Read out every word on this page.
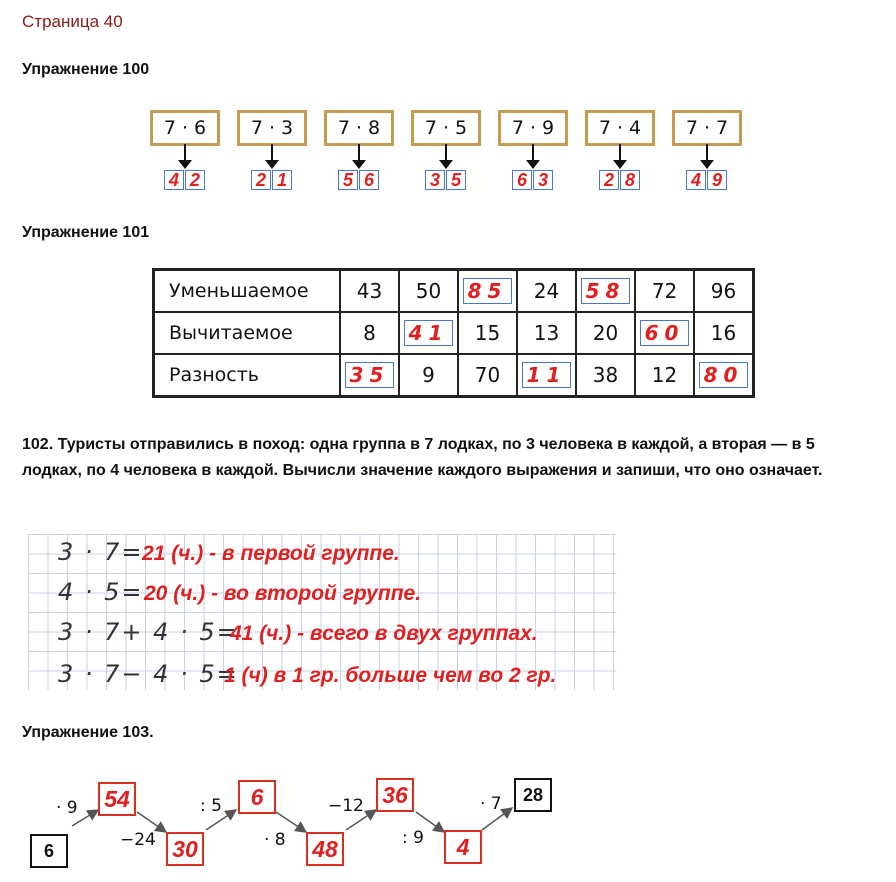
Страница 40
Упражнение 100
7 · 6
4 2
7 · 3
2 1
7 · 8
5 6
7 · 5
3 5
7 · 9
6 3
7 · 4
2 8
7 · 7
4 9
Упражнение 101
Уменьшаемое	43	50	85	24	58	72	96
Вычитаемое	8	41	15	13	20	60	16
Разность	35	9	70	11	38	12	80
102. Туристы отправились в поход: одна группа в 7 лодках, по 3 человека в каждой, а вторая — в 5 лодках, по 4 человека в каждой. Вычисли значение каждого выражения и запиши, что оно означает.
3 · 7=
21 (ч.) - в первой группе.
4 · 5= 20 (ч.) - во второй группе.
3 · 7+ 4 · 5=
41 (ч.) - всего в двух группах.
3 · 7− 4 · 5=
1 (ч) в 1 гр. больше чем во 2 гр.
Упражнение 103.
6
54
30
6
48
36
4
28
· 9
−24
: 5
· 8
−12
: 9
· 7
